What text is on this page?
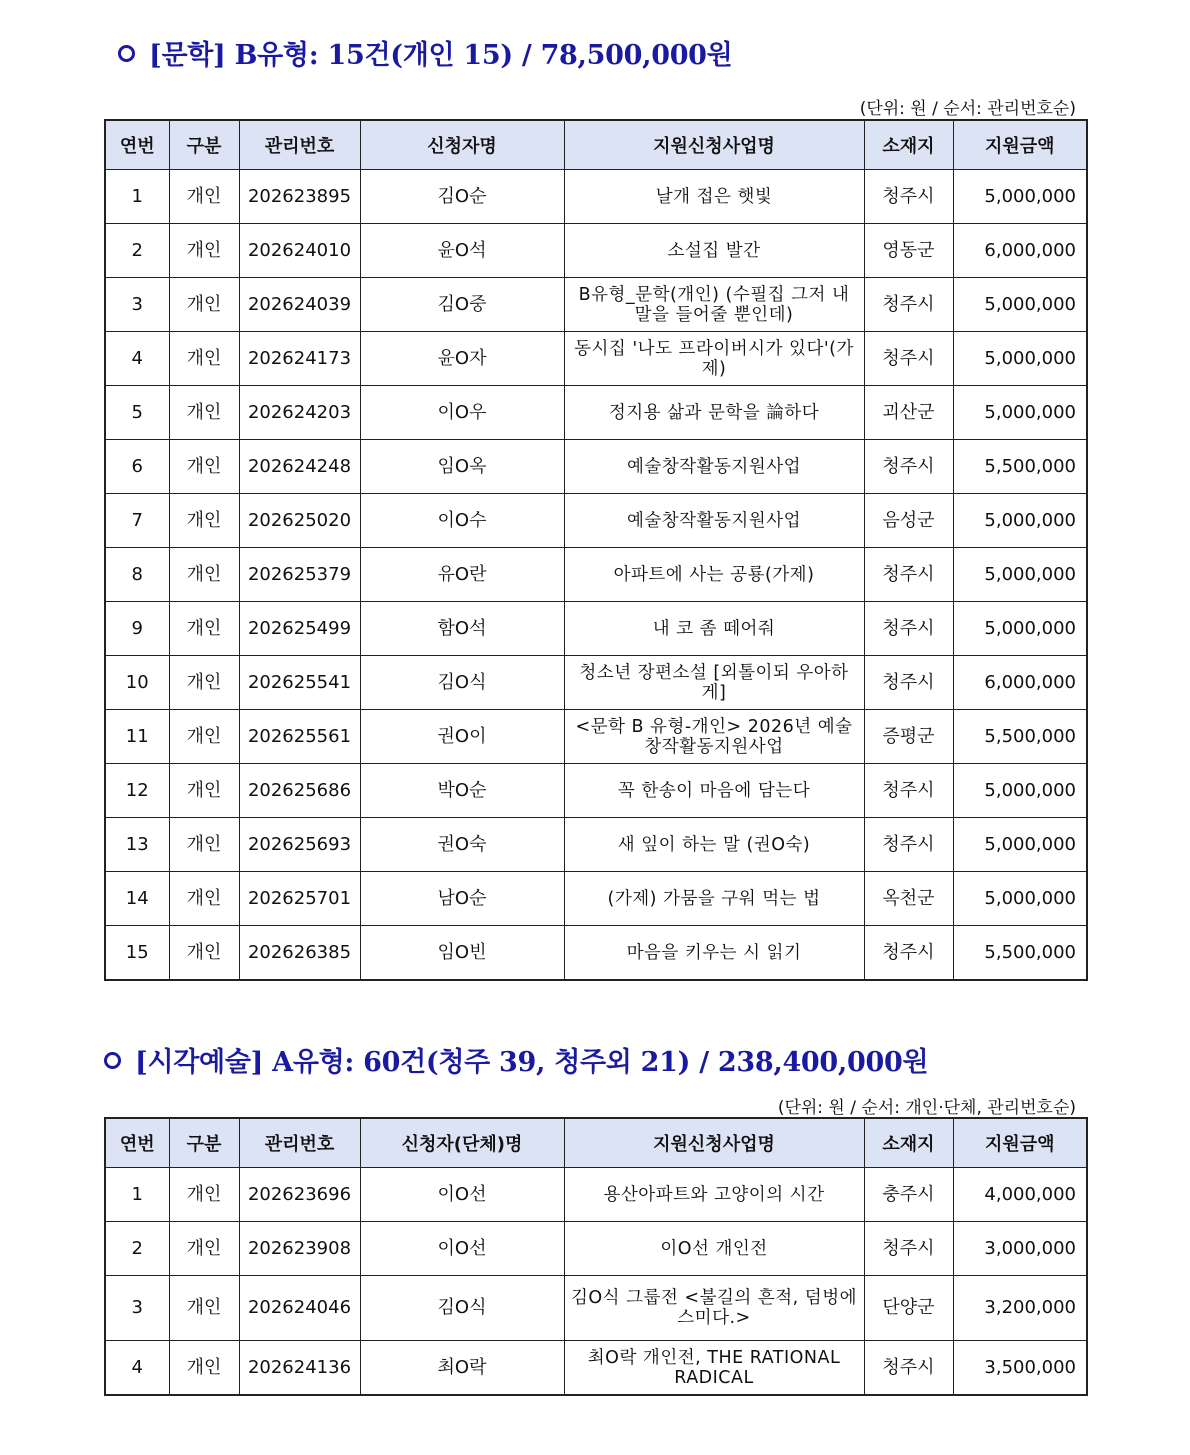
[문학] B유형: 15건(개인 15) / 78,500,000원
(단위: 원 / 순서: 관리번호순)
연번	구분	관리번호	신청자명	지원신청사업명	소재지	지원금액
1	개인	202623895	김O순	날개 접은 햇빛	청주시	5,000,000
2	개인	202624010	윤O석	소설집 발간	영동군	6,000,000
3	개인	202624039	김O중	B유형_문학(개인) (수필집 그저 내 말을 들어줄 뿐인데)	청주시	5,000,000
4	개인	202624173	윤O자	동시집 '나도 프라이버시가 있다'(가제)	청주시	5,000,000
5	개인	202624203	이O우	정지용 삶과 문학을 論하다	괴산군	5,000,000
6	개인	202624248	임O옥	예술창작활동지원사업	청주시	5,500,000
7	개인	202625020	이O수	예술창작활동지원사업	음성군	5,000,000
8	개인	202625379	유O란	아파트에 사는 공룡(가제)	청주시	5,000,000
9	개인	202625499	함O석	내 코 좀 떼어줘	청주시	5,000,000
10	개인	202625541	김O식	청소년 장편소설 [외톨이되 우아하게]	청주시	6,000,000
11	개인	202625561	권O이	<문학 B 유형-개인> 2026년 예술창작활동지원사업	증평군	5,500,000
12	개인	202625686	박O순	꼭 한송이 마음에 담는다	청주시	5,000,000
13	개인	202625693	권O숙	새 잎이 하는 말 (권O숙)	청주시	5,000,000
14	개인	202625701	남O순	(가제) 가뭄을 구워 먹는 법	옥천군	5,000,000
15	개인	202626385	임O빈	마음을 키우는 시 읽기	청주시	5,500,000
[시각예술] A유형: 60건(청주 39, 청주외 21) / 238,400,000원
(단위: 원 / 순서: 개인·단체, 관리번호순)
연번	구분	관리번호	신청자(단체)명	지원신청사업명	소재지	지원금액
1	개인	202623696	이O선	용산아파트와 고양이의 시간	충주시	4,000,000
2	개인	202623908	이O선	이O선 개인전	청주시	3,000,000
3	개인	202624046	김O식	김O식 그룹전 <불길의 흔적, 덤벙에 스미다.>	단양군	3,200,000
4	개인	202624136	최O락	최O락 개인전, THE RATIONAL RADICAL	청주시	3,500,000
